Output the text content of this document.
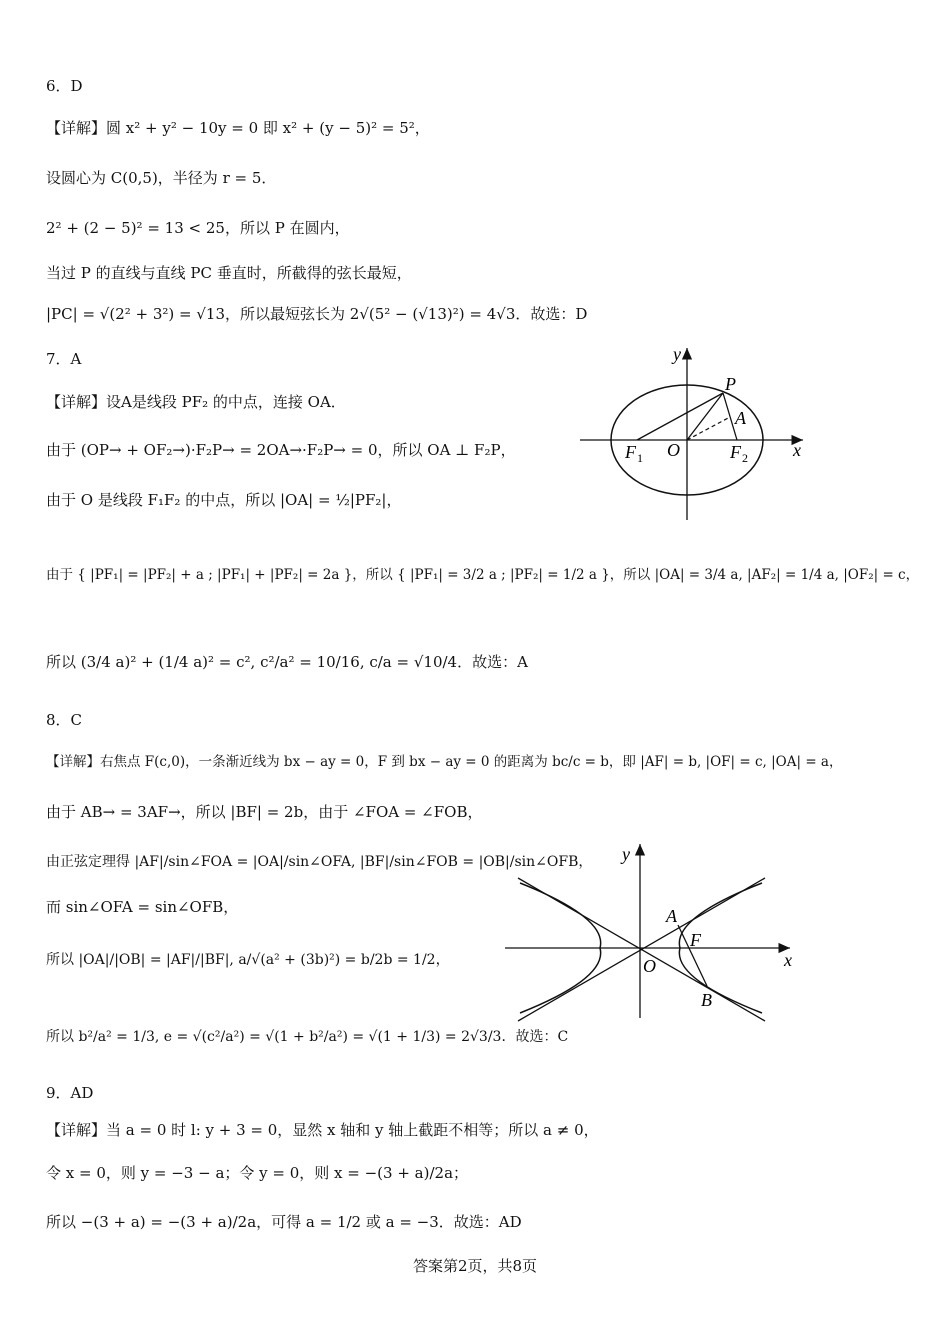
6．D
【详解】圆 x² + y² − 10y = 0 即 x² + (y − 5)² = 5²，
设圆心为 C(0,5)，半径为 r = 5．
2² + (2 − 5)² = 13 < 25，所以 P 在圆内，
当过 P 的直线与直线 PC 垂直时，所截得的弦长最短，
|PC| = √(2² + 3²) = √13，所以最短弦长为 2√(5² − (√13)²) = 4√3．故选：D
7．A
【详解】设A是线段 PF₂ 的中点，连接 OA．
由于 (OP→ + OF₂→)·F₂P→ = 2OA→·F₂P→ = 0，所以 OA ⊥ F₂P，
由于 O 是线段 F₁F₂ 的中点，所以 |OA| = ½|PF₂|，
由于 { |PF₁| = |PF₂| + a ; |PF₁| + |PF₂| = 2a }，所以 { |PF₁| = 3/2 a ; |PF₂| = 1/2 a }，所以 |OA| = 3/4 a, |AF₂| = 1/4 a, |OF₂| = c，
所以 (3/4 a)² + (1/4 a)² = c², c²/a² = 10/16, c/a = √10/4．故选：A
8．C
【详解】右焦点 F(c,0)，一条渐近线为 bx − ay = 0，F 到 bx − ay = 0 的距离为 bc/c = b，即 |AF| = b, |OF| = c, |OA| = a，
由于 AB→ = 3AF→，所以 |BF| = 2b，由于 ∠FOA = ∠FOB，
由正弦定理得 |AF|/sin∠FOA = |OA|/sin∠OFA, |BF|/sin∠FOB = |OB|/sin∠OFB，
而 sin∠OFA = sin∠OFB，
所以 |OA|/|OB| = |AF|/|BF|, a/√(a² + (3b)²) = b/2b = 1/2，
所以 b²/a² = 1/3, e = √(c²/a²) = √(1 + b²/a²) = √(1 + 1/3) = 2√3/3．故选：C
9．AD
【详解】当 a = 0 时 l: y + 3 = 0，显然 x 轴和 y 轴上截距不相等；所以 a ≠ 0，
令 x = 0，则 y = −3 − a；令 y = 0，则 x = −(3 + a)/2a；
所以 −(3 + a) = −(3 + a)/2a，可得 a = 1/2 或 a = −3．故选：AD
y
x
P
A
O
F 1	F 2
y
x
A
F
O
B
答案第2页，共8页
